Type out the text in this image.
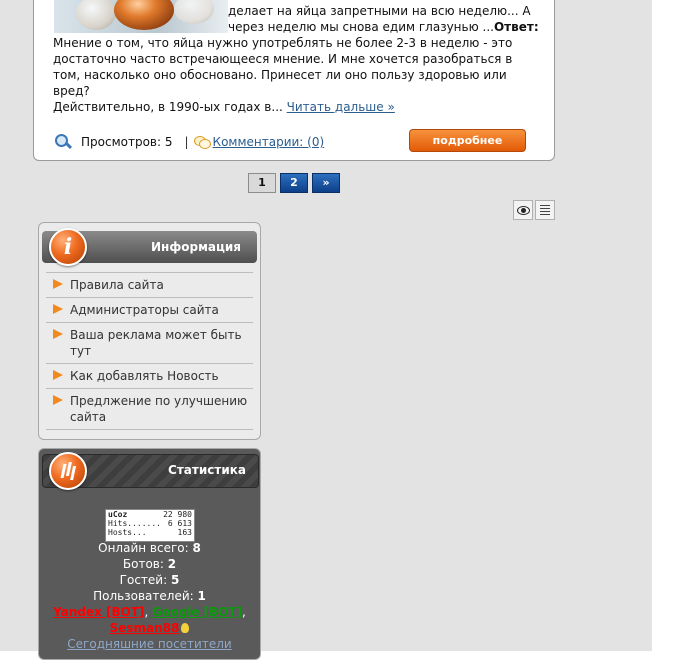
делает на яйца запретными на всю неделю... А
через неделю мы снова едим глазунью ...Ответ:
Мнение о том, что яйца нужно употреблять не более 2-3 в неделю - это достаточно часто встречающееся мнение. И мне хочется разобраться в том, насколько оно обосновано. Принесет ли оно пользу здоровью или вред?
Действительно, в 1990-ых годах в... Читать дальше »
Просмотров: 5 | Комментарии: (0)	подробнее
1	2	»
Информация
i
Правила сайта
Администраторы сайта
Ваша реклама может быть тут
Как добавлять Новость
Предлжение по улучшению сайта
Статистика
uCoz	22 980
Hits....... 6 613
Hosts...	163
Онлайн всего: 8
Ботов: 2
Гостей: 5
Пользователей: 1
Yandex [BOT], Google [BOT],
Sesman88
Сегодняшние посетители
